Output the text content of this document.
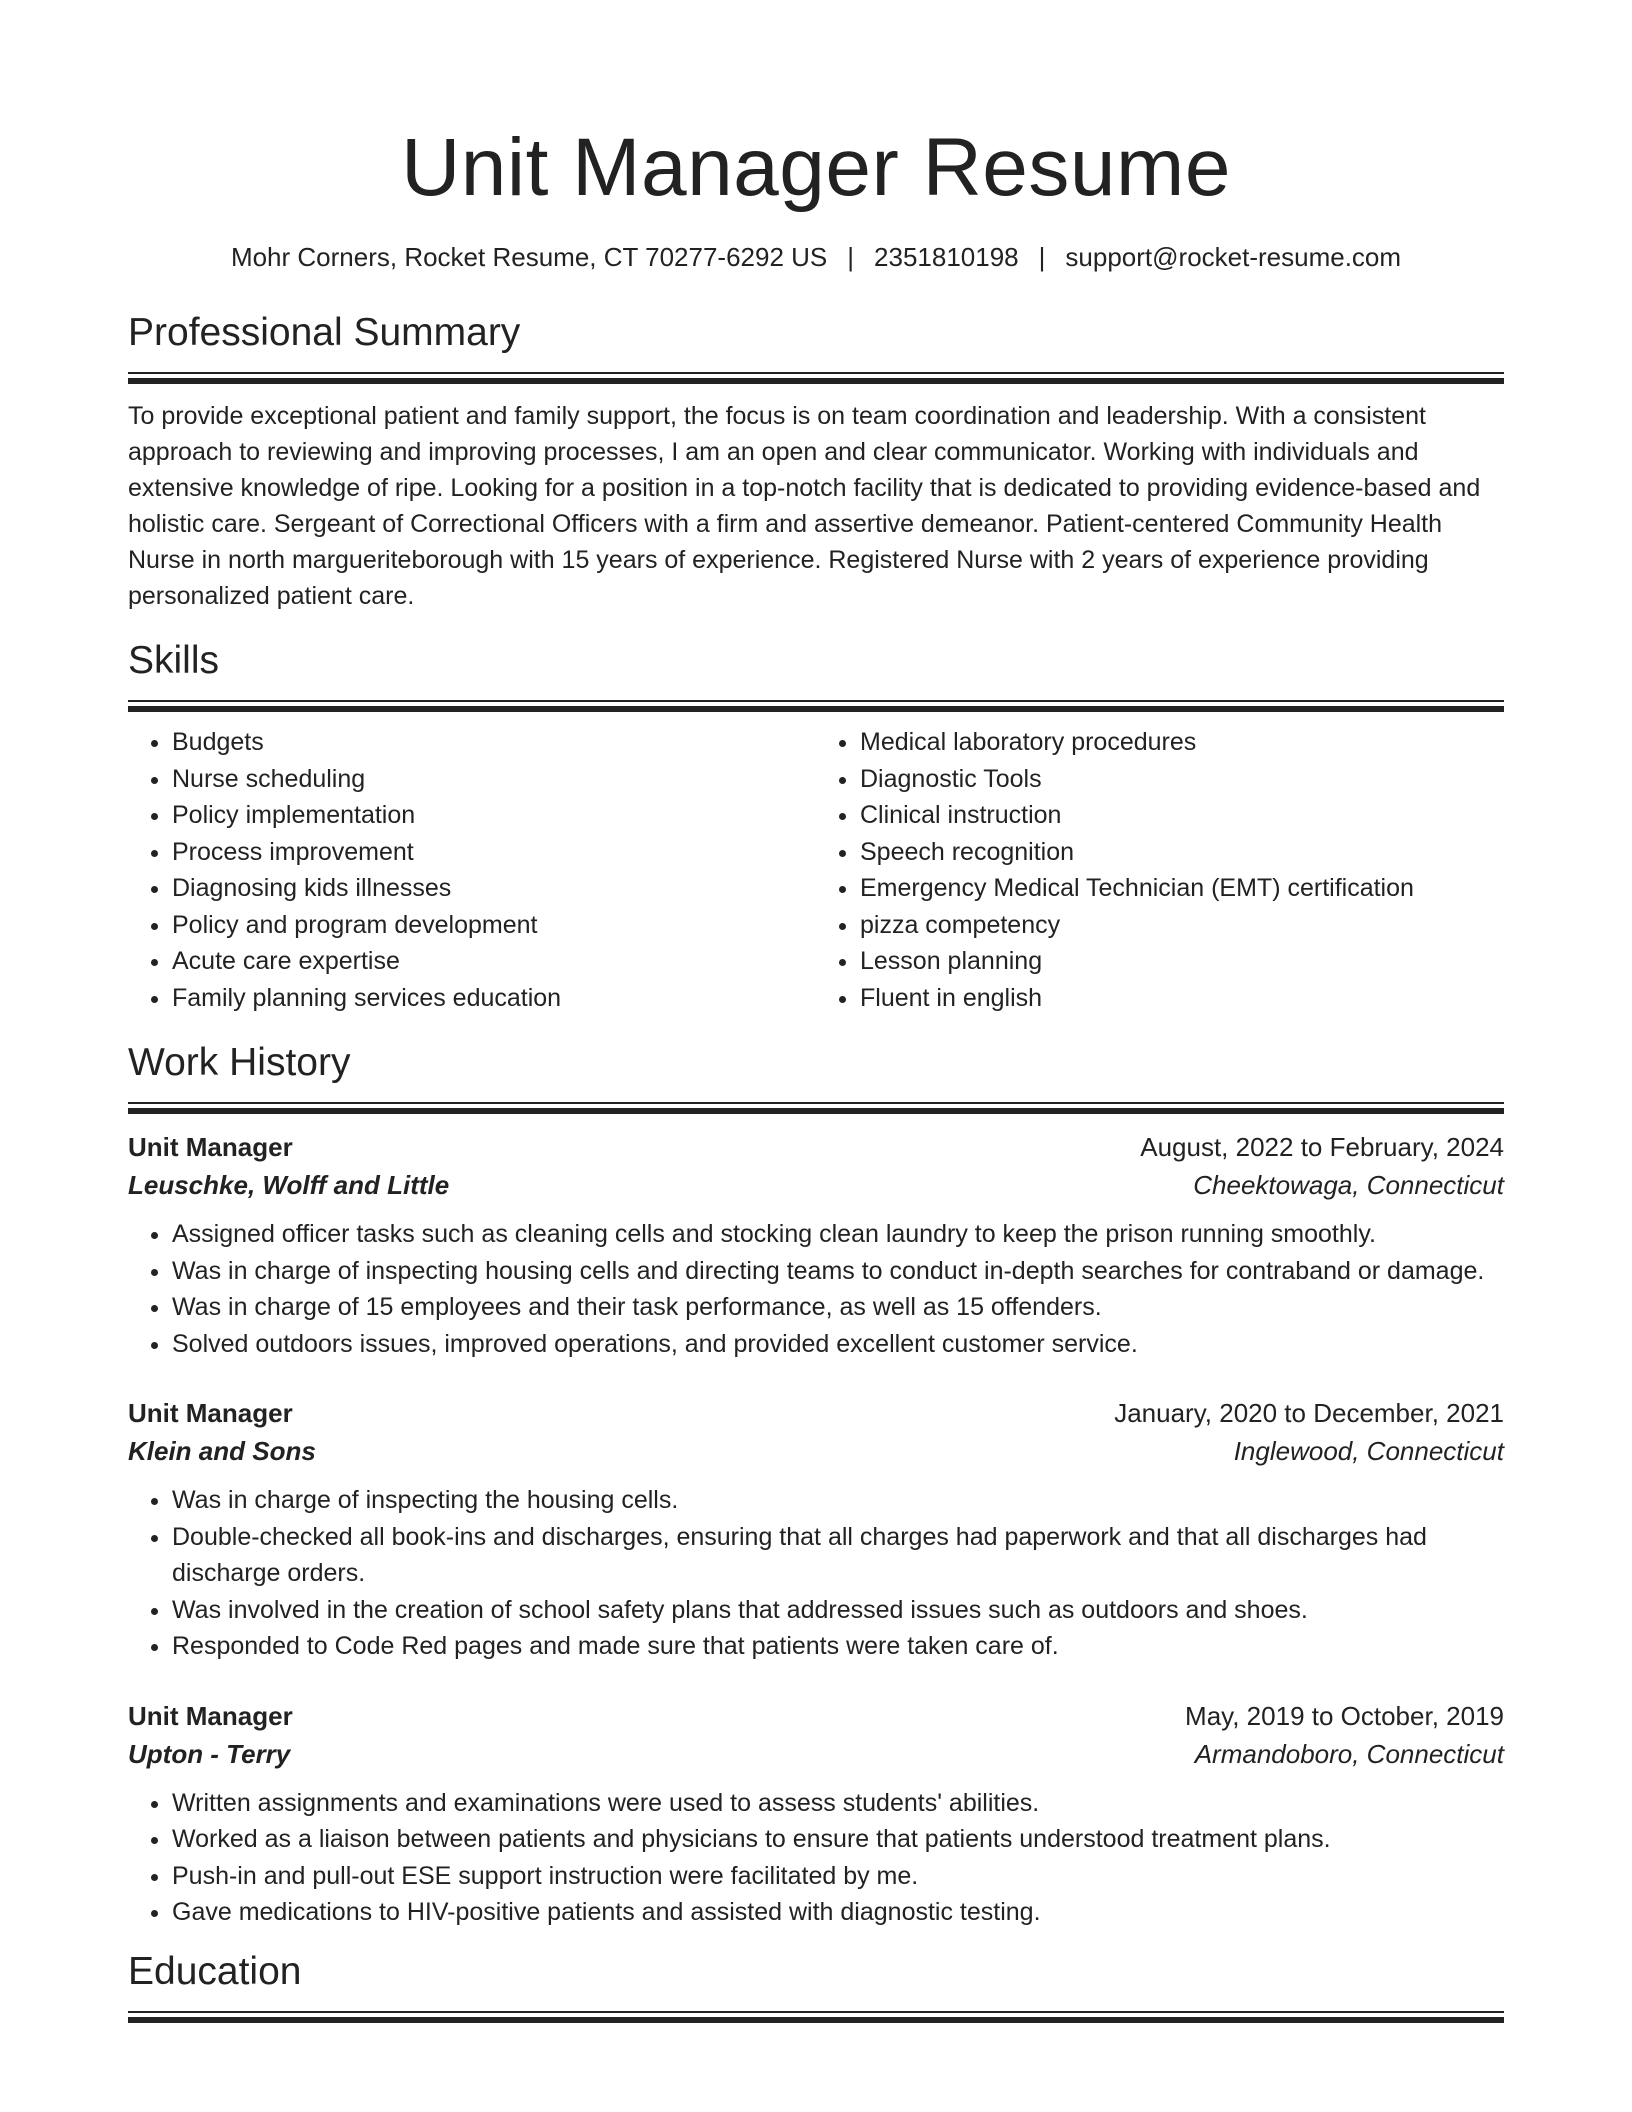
Unit Manager Resume
Mohr Corners, Rocket Resume, CT 70277-6292 US | 2351810198 | support@rocket-resume.com
Professional Summary

To provide exceptional patient and family support, the focus is on team coordination and leadership. With a consistent approach to reviewing and improving processes, I am an open and clear communicator. Working with individuals and extensive knowledge of ripe. Looking for a position in a top-notch facility that is dedicated to providing evidence-based and holistic care. Sergeant of Correctional Officers with a firm and assertive demeanor. Patient-centered Community Health Nurse in north margueriteborough with 15 years of experience. Registered Nurse with 2 years of experience providing personalized patient care.

Skills
• Budgets
• Nurse scheduling
• Policy implementation
• Process improvement
• Diagnosing kids illnesses
• Policy and program development
• Acute care expertise
• Family planning services education
• Medical laboratory procedures
• Diagnostic Tools
• Clinical instruction
• Speech recognition
• Emergency Medical Technician (EMT) certification
• pizza competency
• Lesson planning
• Fluent in english
Work History
Unit Manager	August, 2022 to February, 2024
Leuschke, Wolff and Little	Cheektowaga, Connecticut
• Assigned officer tasks such as cleaning cells and stocking clean laundry to keep the prison running smoothly.
• Was in charge of inspecting housing cells and directing teams to conduct in-depth searches for contraband or damage.
• Was in charge of 15 employees and their task performance, as well as 15 offenders.
• Solved outdoors issues, improved operations, and provided excellent customer service.
Unit Manager	January, 2020 to December, 2021
Klein and Sons	Inglewood, Connecticut
• Was in charge of inspecting the housing cells.
• Double-checked all book-ins and discharges, ensuring that all charges had paperwork and that all discharges had discharge orders.
• Was involved in the creation of school safety plans that addressed issues such as outdoors and shoes.
• Responded to Code Red pages and made sure that patients were taken care of.
Unit Manager	May, 2019 to October, 2019
Upton - Terry	Armandoboro, Connecticut
• Written assignments and examinations were used to assess students' abilities.
• Worked as a liaison between patients and physicians to ensure that patients understood treatment plans.
• Push-in and pull-out ESE support instruction were facilitated by me.
• Gave medications to HIV-positive patients and assisted with diagnostic testing.
Education
